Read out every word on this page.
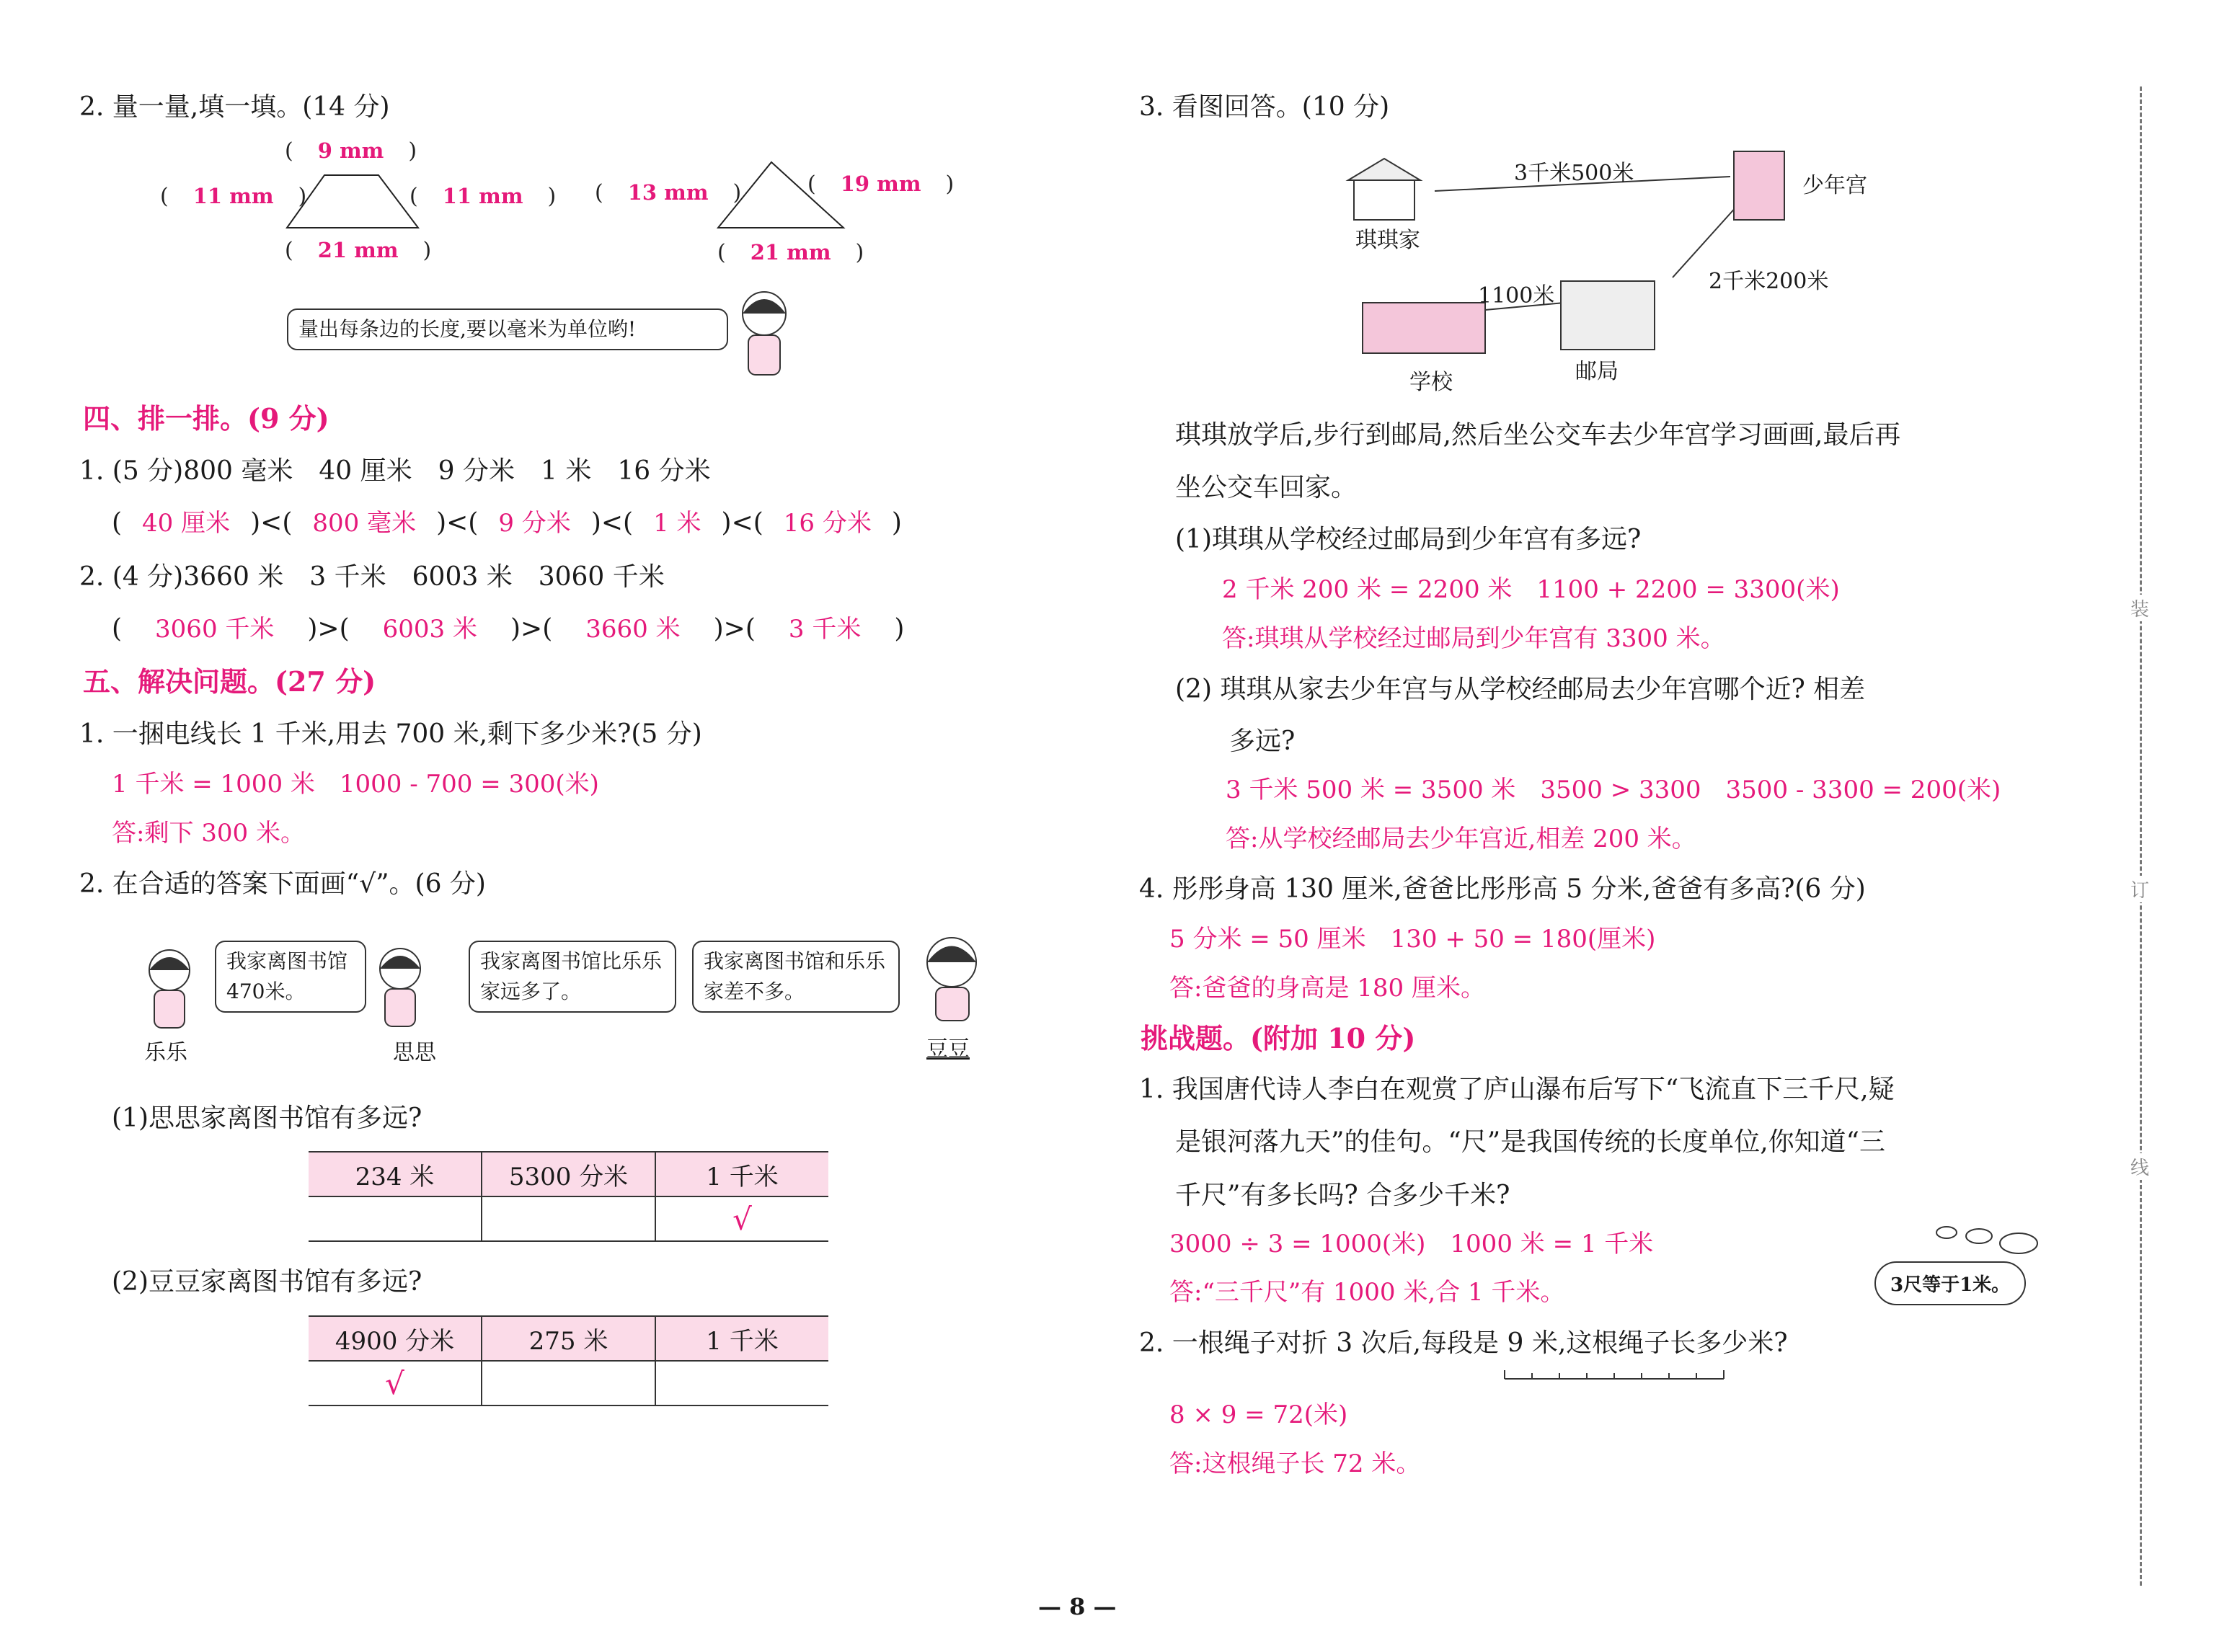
2. 量一量,填一填。(14 分)
( 9 mm )
( 11 mm )	( 11 mm )
( 21 mm )
( 13 mm )	( 19 mm )
( 21 mm )
量出每条边的长度,要以毫米为单位哟!
四、排一排。(9 分)
1. (5 分)800 毫米　40 厘米　9 分米　1 米　16 分米
( 40 厘米 )<( 800 毫米 )<( 9 分米 )<( 1 米 )<( 16 分米 )
2. (4 分)3660 米　3 千米　6003 米　3060 千米
( 3060 千米 )>( 6003 米 )>( 3660 米 )>( 3 千米 )
五、解决问题。(27 分)
1. 一捆电线长 1 千米,用去 700 米,剩下多少米?(5 分)
1 千米 = 1000 米　1000 - 700 = 300(米)
答:剩下 300 米。
2. 在合适的答案下面画“√”。(6 分)
我家离图书馆470米。
我家离图书馆比乐乐家远多了。
我家离图书馆和乐乐家差不多。
乐乐	思思	豆豆
(1)思思家离图书馆有多远?
234 米	5300 分米	1 千米
		√
(2)豆豆家离图书馆有多远?
4900 分米	275 米	1 千米
√		
3. 看图回答。(10 分)
3千米500米	少年宫
琪琪家
2千米200米
1100米
学校	邮局
琪琪放学后,步行到邮局,然后坐公交车去少年宫学习画画,最后再
坐公交车回家。
(1)琪琪从学校经过邮局到少年宫有多远?
2 千米 200 米 = 2200 米　1100 + 2200 = 3300(米)
答:琪琪从学校经过邮局到少年宫有 3300 米。
(2) 琪琪从家去少年宫与从学校经邮局去少年宫哪个近? 相差
多远?
3 千米 500 米 = 3500 米　3500 > 3300　3500 - 3300 = 200(米)
答:从学校经邮局去少年宫近,相差 200 米。
4. 彤彤身高 130 厘米,爸爸比彤彤高 5 分米,爸爸有多高?(6 分)
5 分米 = 50 厘米　130 + 50 = 180(厘米)
答:爸爸的身高是 180 厘米。
挑战题。(附加 10 分)
1. 我国唐代诗人李白在观赏了庐山瀑布后写下“飞流直下三千尺,疑
是银河落九天”的佳句。“尺”是我国传统的长度单位,你知道“三
千尺”有多长吗? 合多少千米?
3000 ÷ 3 = 1000(米)　1000 米 = 1 千米
答:“三千尺”有 1000 米,合 1 千米。	3尺等于1米。
2. 一根绳子对折 3 次后,每段是 9 米,这根绳子长多少米?
8 × 9 = 72(米)
答:这根绳子长 72 米。
装
订
线
— 8 —
